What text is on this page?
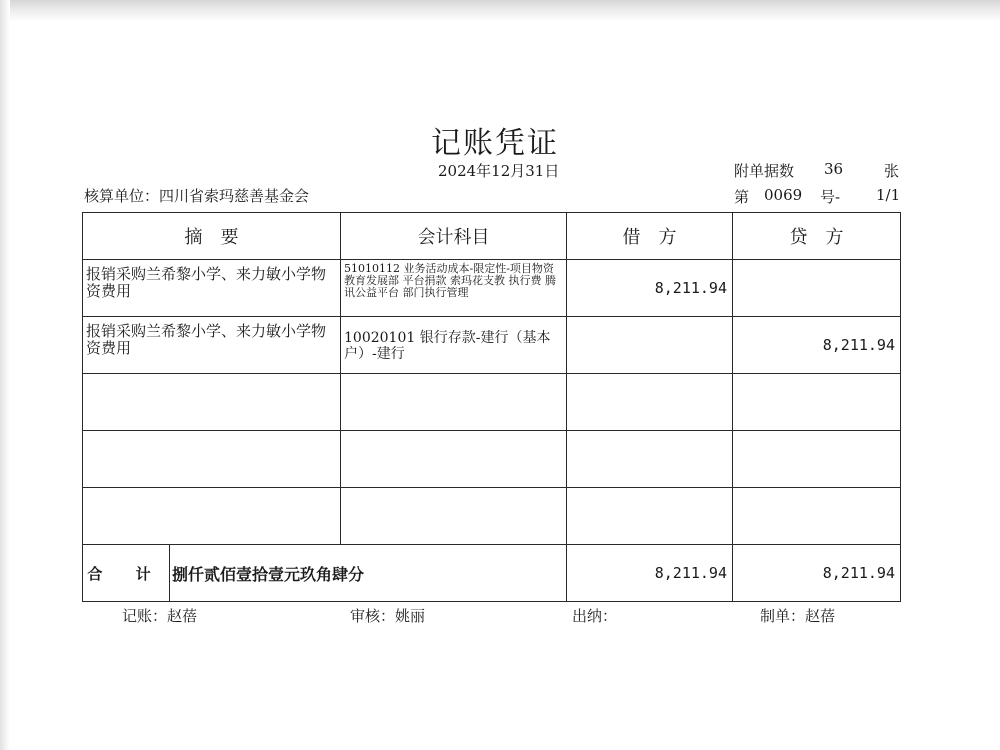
记账凭证
2024年12月31日	附单据数 36	张
核算单位：四川省索玛慈善基金会	第 0069 号- 1/1
摘　要	会计科目	借　方	贷　方
报销采购兰希黎小学、来力敏小学物资费用	51010112 业务活动成本-限定性-项目物资 教育发展部 平台捐款 索玛花支教 执行费 腾讯公益平台 部门执行管理	8,211.94	
报销采购兰希黎小学、来力敏小学物资费用	10020101 银行存款-建行（基本户）-建行		8,211.94

合 计 捌仟贰佰壹拾壹元玖角肆分		8,211.94	8,211.94
记账：赵蓓	审核：姚丽	出纳：	制单：赵蓓
